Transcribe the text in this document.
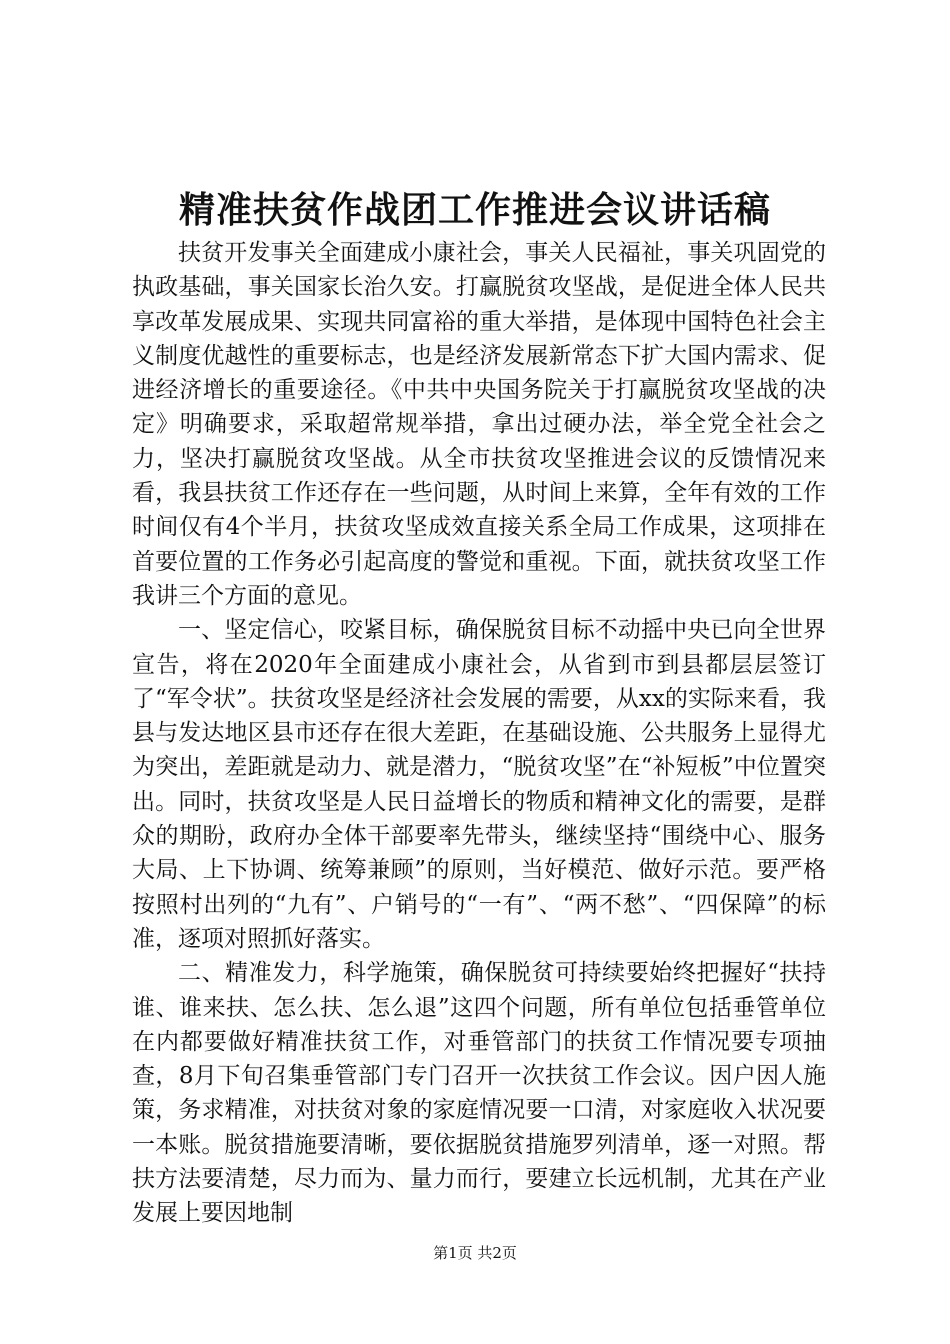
精准扶贫作战团工作推进会议讲话稿

扶贫开发事关全面建成小康社会，事关人民福祉，事关巩固党的执政基础，事关国家长治久安。打赢脱贫攻坚战，是促进全体人民共享改革发展成果、实现共同富裕的重大举措，是体现中国特色社会主义制度优越性的重要标志，也是经济发展新常态下扩大国内需求、促进经济增长的重要途径。《中共中央国务院关于打赢脱贫攻坚战的决定》明确要求，采取超常规举措，拿出过硬办法，举全党全社会之力，坚决打赢脱贫攻坚战。从全市扶贫攻坚推进会议的反馈情况来看，我县扶贫工作还存在一些问题，从时间上来算，全年有效的工作时间仅有4个半月，扶贫攻坚成效直接关系全局工作成果，这项排在首要位置的工作务必引起高度的警觉和重视。下面，就扶贫攻坚工作我讲三个方面的意见。

一、坚定信心，咬紧目标，确保脱贫目标不动摇中央已向全世界宣告，将在2020年全面建成小康社会，从省到市到县都层层签订了“军令状”。扶贫攻坚是经济社会发展的需要，从xx的实际来看，我县与发达地区县市还存在很大差距，在基础设施、公共服务上显得尤为突出，差距就是动力、就是潜力，“脱贫攻坚”在“补短板”中位置突出。同时，扶贫攻坚是人民日益增长的物质和精神文化的需要，是群众的期盼，政府办全体干部要率先带头，继续坚持“围绕中心、服务大局、上下协调、统筹兼顾”的原则，当好模范、做好示范。要严格按照村出列的“九有”、户销号的“一有”、“两不愁”、“四保障”的标准，逐项对照抓好落实。

二、精准发力，科学施策，确保脱贫可持续要始终把握好“扶持谁、谁来扶、怎么扶、怎么退”这四个问题，所有单位包括垂管单位在内都要做好精准扶贫工作，对垂管部门的扶贫工作情况要专项抽查，8月下旬召集垂管部门专门召开一次扶贫工作会议。因户因人施策，务求精准，对扶贫对象的家庭情况要一口清，对家庭收入状况要一本账。脱贫措施要清晰，要依据脱贫措施罗列清单，逐一对照。帮扶方法要清楚，尽力而为、量力而行，要建立长远机制，尤其在产业发展上要因地制

第1页 共2页
